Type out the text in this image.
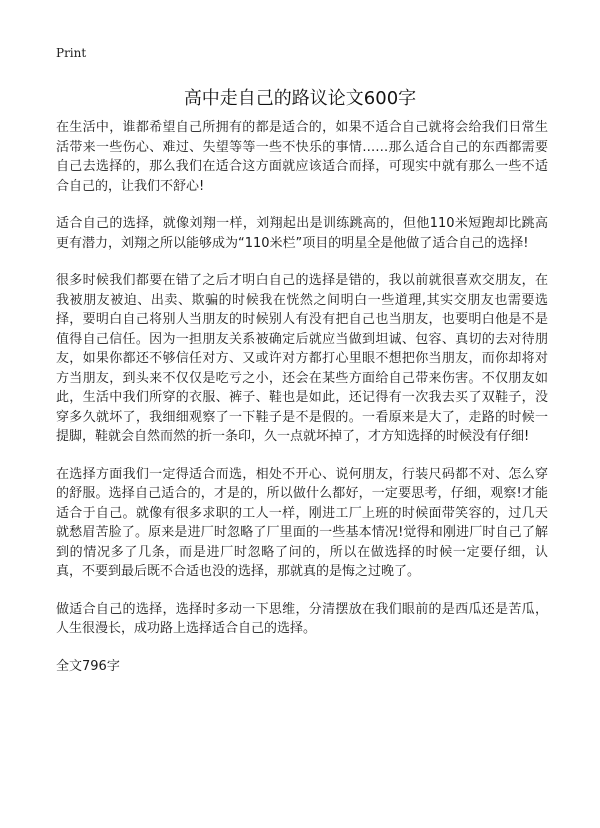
Print
高中走自己的路议论文600字

在生活中，谁都希望自己所拥有的都是适合的，如果不适合自己就将会给我们日常生活带来一些伤心、难过、失望等等一些不快乐的事情……那么适合自己的东西都需要自己去选择的，那么我们在适合这方面就应该适合而择，可现实中就有那么一些不适合自己的，让我们不舒心!

适合自己的选择，就像刘翔一样，刘翔起出是训练跳高的，但他110米短跑却比跳高更有潜力，刘翔之所以能够成为“110米栏”项目的明星全是他做了适合自己的选择!

很多时候我们都要在错了之后才明白自己的选择是错的，我以前就很喜欢交朋友，在我被朋友被迫、出卖、欺骗的时候我在恍然之间明白一些道理,其实交朋友也需要选择，要明白自己将别人当朋友的时候别人有没有把自己也当朋友，也要明白他是不是值得自己信任。因为一担朋友关系被确定后就应当做到坦诚、包容、真切的去对待朋友，如果你都还不够信任对方、又或许对方都打心里眼不想把你当朋友，而你却将对方当朋友，到头来不仅仅是吃亏之小，还会在某些方面给自己带来伤害。不仅朋友如此，生活中我们所穿的衣服、裤子、鞋也是如此，还记得有一次我去买了双鞋子，没穿多久就坏了，我细细观察了一下鞋子是不是假的。一看原来是大了，走路的时候一提脚，鞋就会自然而然的折一条印，久一点就坏掉了，才方知选择的时候没有仔细!

在选择方面我们一定得适合而选，相处不开心、说何朋友，行装尺码都不对、怎么穿的舒服。选择自己适合的，才是的，所以做什么都好，一定要思考，仔细，观察!才能适合于自己。就像有很多求职的工人一样，刚进工厂上班的时候面带笑容的，过几天就愁眉苦脸了。原来是进厂时忽略了厂里面的一些基本情况!觉得和刚进厂时自己了解到的情况多了几条，而是进厂时忽略了问的，所以在做选择的时候一定要仔细，认真，不要到最后既不合适也没的选择，那就真的是悔之过晚了。

做适合自己的选择，选择时多动一下思维，分清摆放在我们眼前的是西瓜还是苦瓜，人生很漫长，成功路上选择适合自己的选择。

全文796字
